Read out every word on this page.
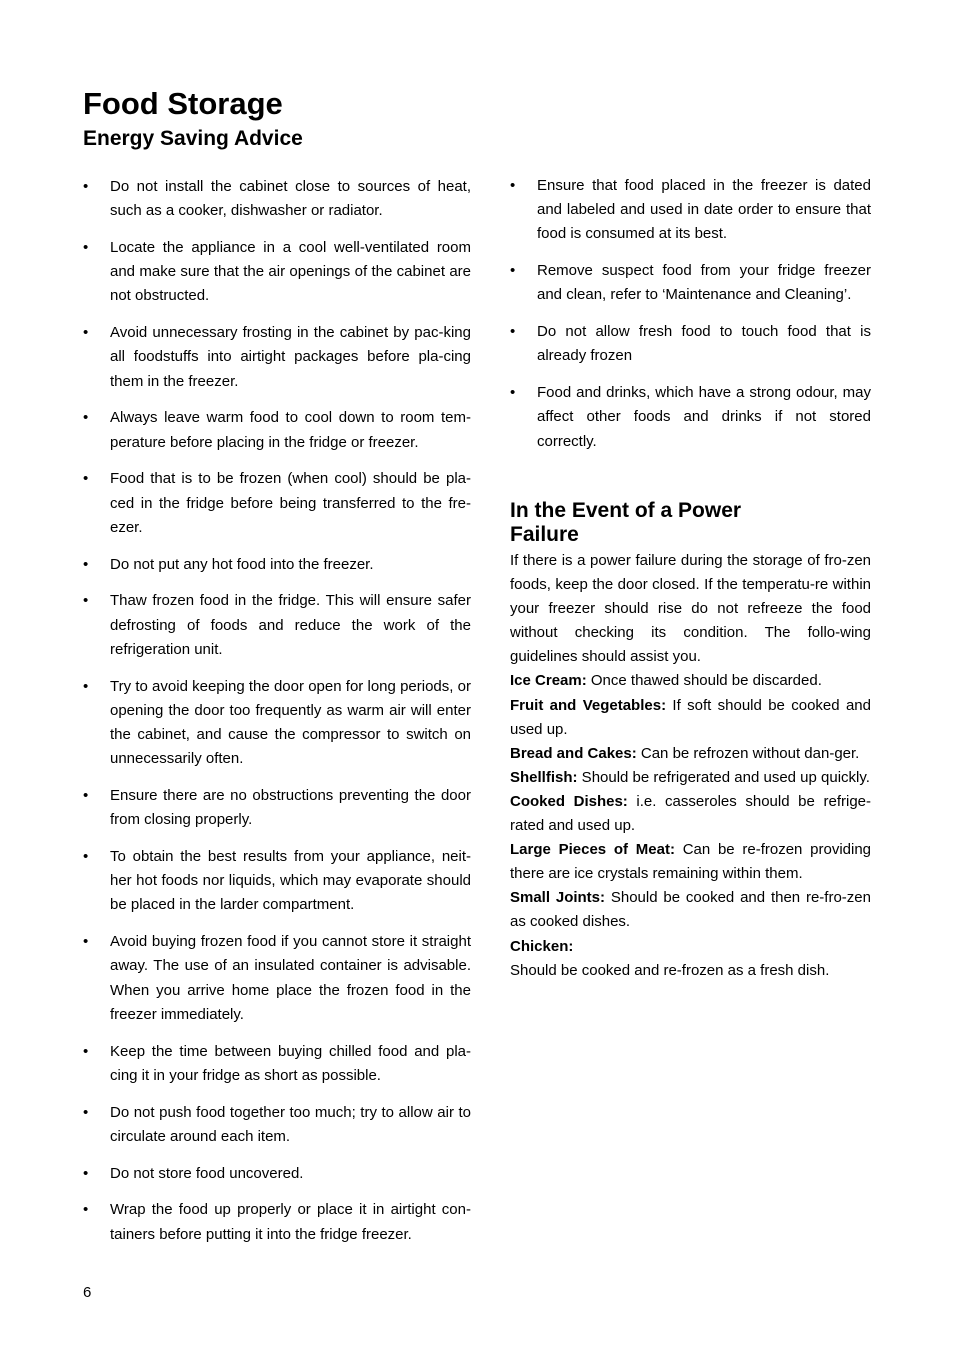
Food Storage
Energy Saving Advice
•	Do not install the cabinet close to sources of heat, such as a cooker, dishwasher or radiator.
•	Locate the appliance in a cool well-ventilated room and make sure that the air openings of the cabinet are not obstructed.
•	Avoid unnecessary frosting in the cabinet by pac-king all foodstuffs into airtight packages before pla-cing them in the freezer.
•	Always leave warm food to cool down to room tem-perature before placing in the fridge or freezer.
•	Food that is to be frozen (when cool) should be pla-ced in the fridge before being transferred to the fre-ezer.
•	Do not put any hot food into the freezer.
•	Thaw frozen food in the fridge. This will ensure safer defrosting of foods and reduce the work of the refrigeration unit.
•	Try to avoid keeping the door open for long periods, or opening the door too frequently as warm air will enter the cabinet, and cause the compressor to switch on unnecessarily often.
•	Ensure there are no obstructions preventing the door from closing properly.
•	To obtain the best results from your appliance, neit-her hot foods nor liquids, which may evaporate should be placed in the larder compartment.
•	Avoid buying frozen food if you cannot store it straight away. The use of an insulated container is advisable. When you arrive home place the frozen food in the freezer immediately.
•	Keep the time between buying chilled food and pla-cing it in your fridge as short as possible.
•	Do not push food together too much; try to allow air to circulate around each item.
•	Do not store food uncovered.
•	Wrap the food up properly or place it in airtight con-tainers before putting it into the fridge freezer.
•	Ensure that food placed in the freezer is dated and labeled and used in date order to ensure that food is consumed at its best.
•	Remove suspect food from your fridge freezer and clean, refer to ‘Maintenance and Cleaning’.
•	Do not allow fresh food to touch food that is already frozen
•	Food and drinks, which have a strong odour, may affect other foods and drinks if not stored correctly.
In the Event of a Power
Failure

If there is a power failure during the storage of fro-zen foods, keep the door closed. If the temperatu-re within your freezer should rise do not refreeze the food without checking its condition. The follo-wing guidelines should assist you.

Ice Cream: Once thawed should be discarded.

Fruit and Vegetables: If soft should be cooked and used up.

Bread and Cakes: Can be refrozen without dan-ger.

Shellfish: Should be refrigerated and used up quickly.

Cooked Dishes: i.e. casseroles should be refrige-rated and used up.

Large Pieces of Meat: Can be re-frozen providing there are ice crystals remaining within them.

Small Joints: Should be cooked and then re-fro-zen as cooked dishes.

Chicken:

Should be cooked and re-frozen as a fresh dish.

6
